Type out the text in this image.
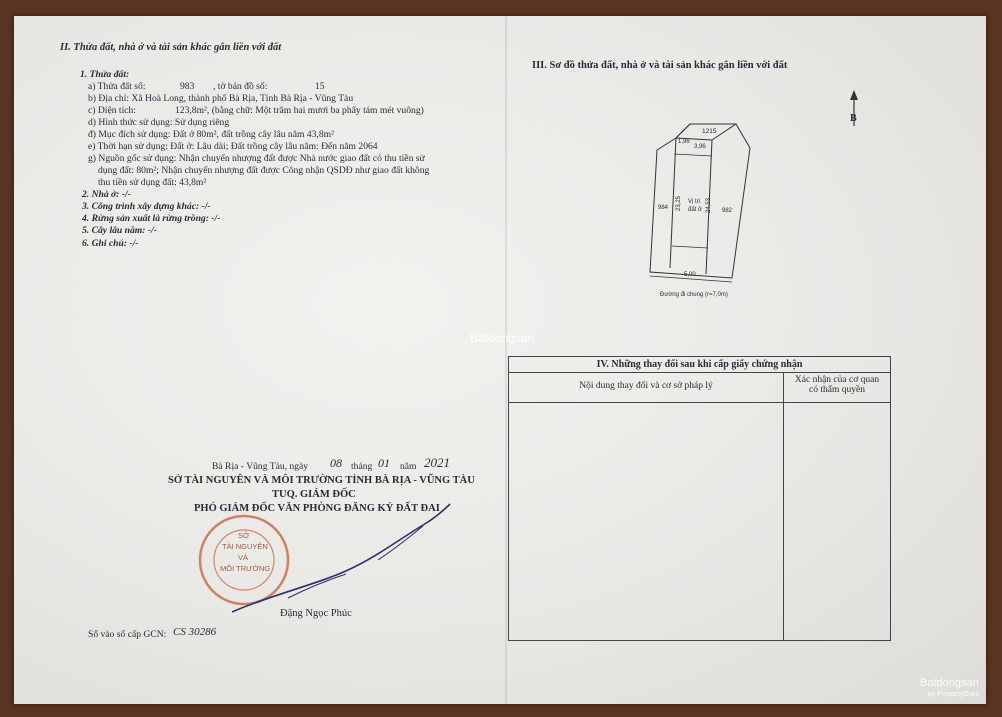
II. Thửa đất, nhà ở và tài sản khác gắn liền với đất
1. Thửa đất:
a) Thửa đất số:	983 , tờ bản đồ số:	15
b) Địa chỉ: Xã Hoà Long, thành phố Bà Rịa, Tỉnh Bà Rịa - Vũng Tàu
c) Diện tích:	123,8m², (bằng chữ: Một trăm hai mươi ba phẩy tám mét vuông)
d) Hình thức sử dụng: Sử dụng riêng
đ) Mục đích sử dụng: Đất ở 80m², đất trồng cây lâu năm 43,8m²
e) Thời hạn sử dụng: Đất ở: Lâu dài; Đất trồng cây lâu năm: Đến năm 2064
g) Nguồn gốc sử dụng: Nhận chuyển nhượng đất được Nhà nước giao đất có thu tiền sử
dụng đất: 80m²; Nhận chuyển nhượng đất được Công nhận QSDĐ như giao đất không
thu tiền sử dụng đất: 43,8m²
2. Nhà ở: -/-
3. Công trình xây dựng khác: -/-
4. Rừng sản xuất là rừng trồng: -/-
5. Cây lâu năm: -/-
6. Ghi chú: -/-
Bà Rịa - Vũng Tàu, ngày 08 tháng 01 năm 2021
SỞ TÀI NGUYÊN VÀ MÔI TRƯỜNG TỈNH BÀ RỊA - VŨNG TÀU
TUQ. GIÁM ĐỐC
PHÓ GIÁM ĐỐC VĂN PHÒNG ĐĂNG KÝ ĐẤT ĐAI
SỞ
TÀI NGUYÊN
VÀ
MÔI TRƯỜNG
Đặng Ngọc Phúc
Số vào sổ cấp GCN: CS 30286
III. Sơ đồ thửa đất, nhà ở và tài sản khác gắn liền với đất
B
1215
1,96
3,96
984	23,25 Vị trí
đất ở 24,53	982
5,00
Đường đi chung (r=7,0m)
IV. Những thay đổi sau khi cấp giấy chứng nhận	
Nội dung thay đổi và cơ sở pháp lý	Xác nhận của cơ quan
có thẩm quyền

Batdongsan
Batdongsan
by PropertyGuru
